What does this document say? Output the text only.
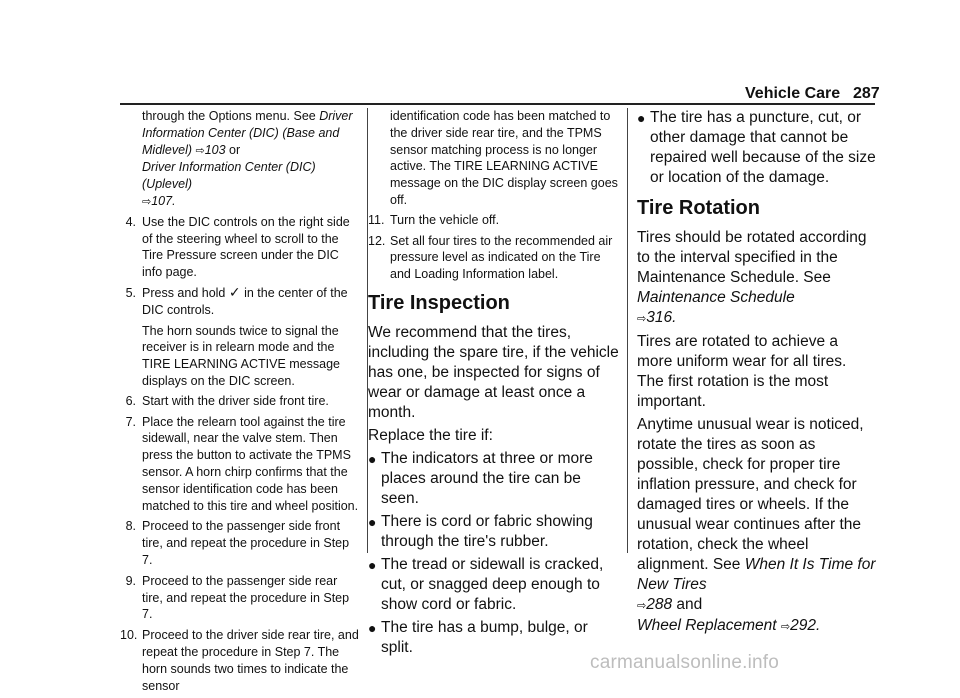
Vehicle Care 287
through the Options menu. See Driver Information Center (DIC) (Base and Midlevel) ⇨103 or
Driver Information Center (DIC) (Uplevel)
⇨107.
4. Use the DIC controls on the right side of the steering wheel to scroll to the Tire Pressure screen under the DIC info page.
5. Press and hold ✓ in the center of the DIC controls.
The horn sounds twice to signal the receiver is in relearn mode and the TIRE LEARNING ACTIVE message displays on the DIC screen.
6. Start with the driver side front tire.
7. Place the relearn tool against the tire sidewall, near the valve stem. Then press the button to activate the TPMS sensor. A horn chirp confirms that the sensor identification code has been matched to this tire and wheel position.
8. Proceed to the passenger side front tire, and repeat the procedure in Step 7.
9. Proceed to the passenger side rear tire, and repeat the procedure in Step 7.
10. Proceed to the driver side rear tire, and repeat the procedure in Step 7. The horn sounds two times to indicate the sensor
identification code has been matched to the driver side rear tire, and the TPMS sensor matching process is no longer active. The TIRE LEARNING ACTIVE message on the DIC display screen goes off.
11. Turn the vehicle off.
12. Set all four tires to the recommended air pressure level as indicated on the Tire and Loading Information label.
Tire Inspection
We recommend that the tires, including the spare tire, if the vehicle has one, be inspected for signs of wear or damage at least once a month.
Replace the tire if:
● The indicators at three or more places around the tire can be seen.
● There is cord or fabric showing through the tire's rubber.
● The tread or sidewall is cracked, cut, or snagged deep enough to show cord or fabric.
● The tire has a bump, bulge, or split.
● The tire has a puncture, cut, or other damage that cannot be repaired well because of the size or location of the damage.
Tire Rotation
Tires should be rotated according to the interval specified in the Maintenance Schedule. See Maintenance Schedule
⇨316.
Tires are rotated to achieve a more uniform wear for all tires. The first rotation is the most important.
Anytime unusual wear is noticed, rotate the tires as soon as possible, check for proper tire inflation pressure, and check for damaged tires or wheels. If the unusual wear continues after the rotation, check the wheel alignment. See When It Is Time for New Tires
⇨288 and
Wheel Replacement ⇨292.
carmanualsonline.info
